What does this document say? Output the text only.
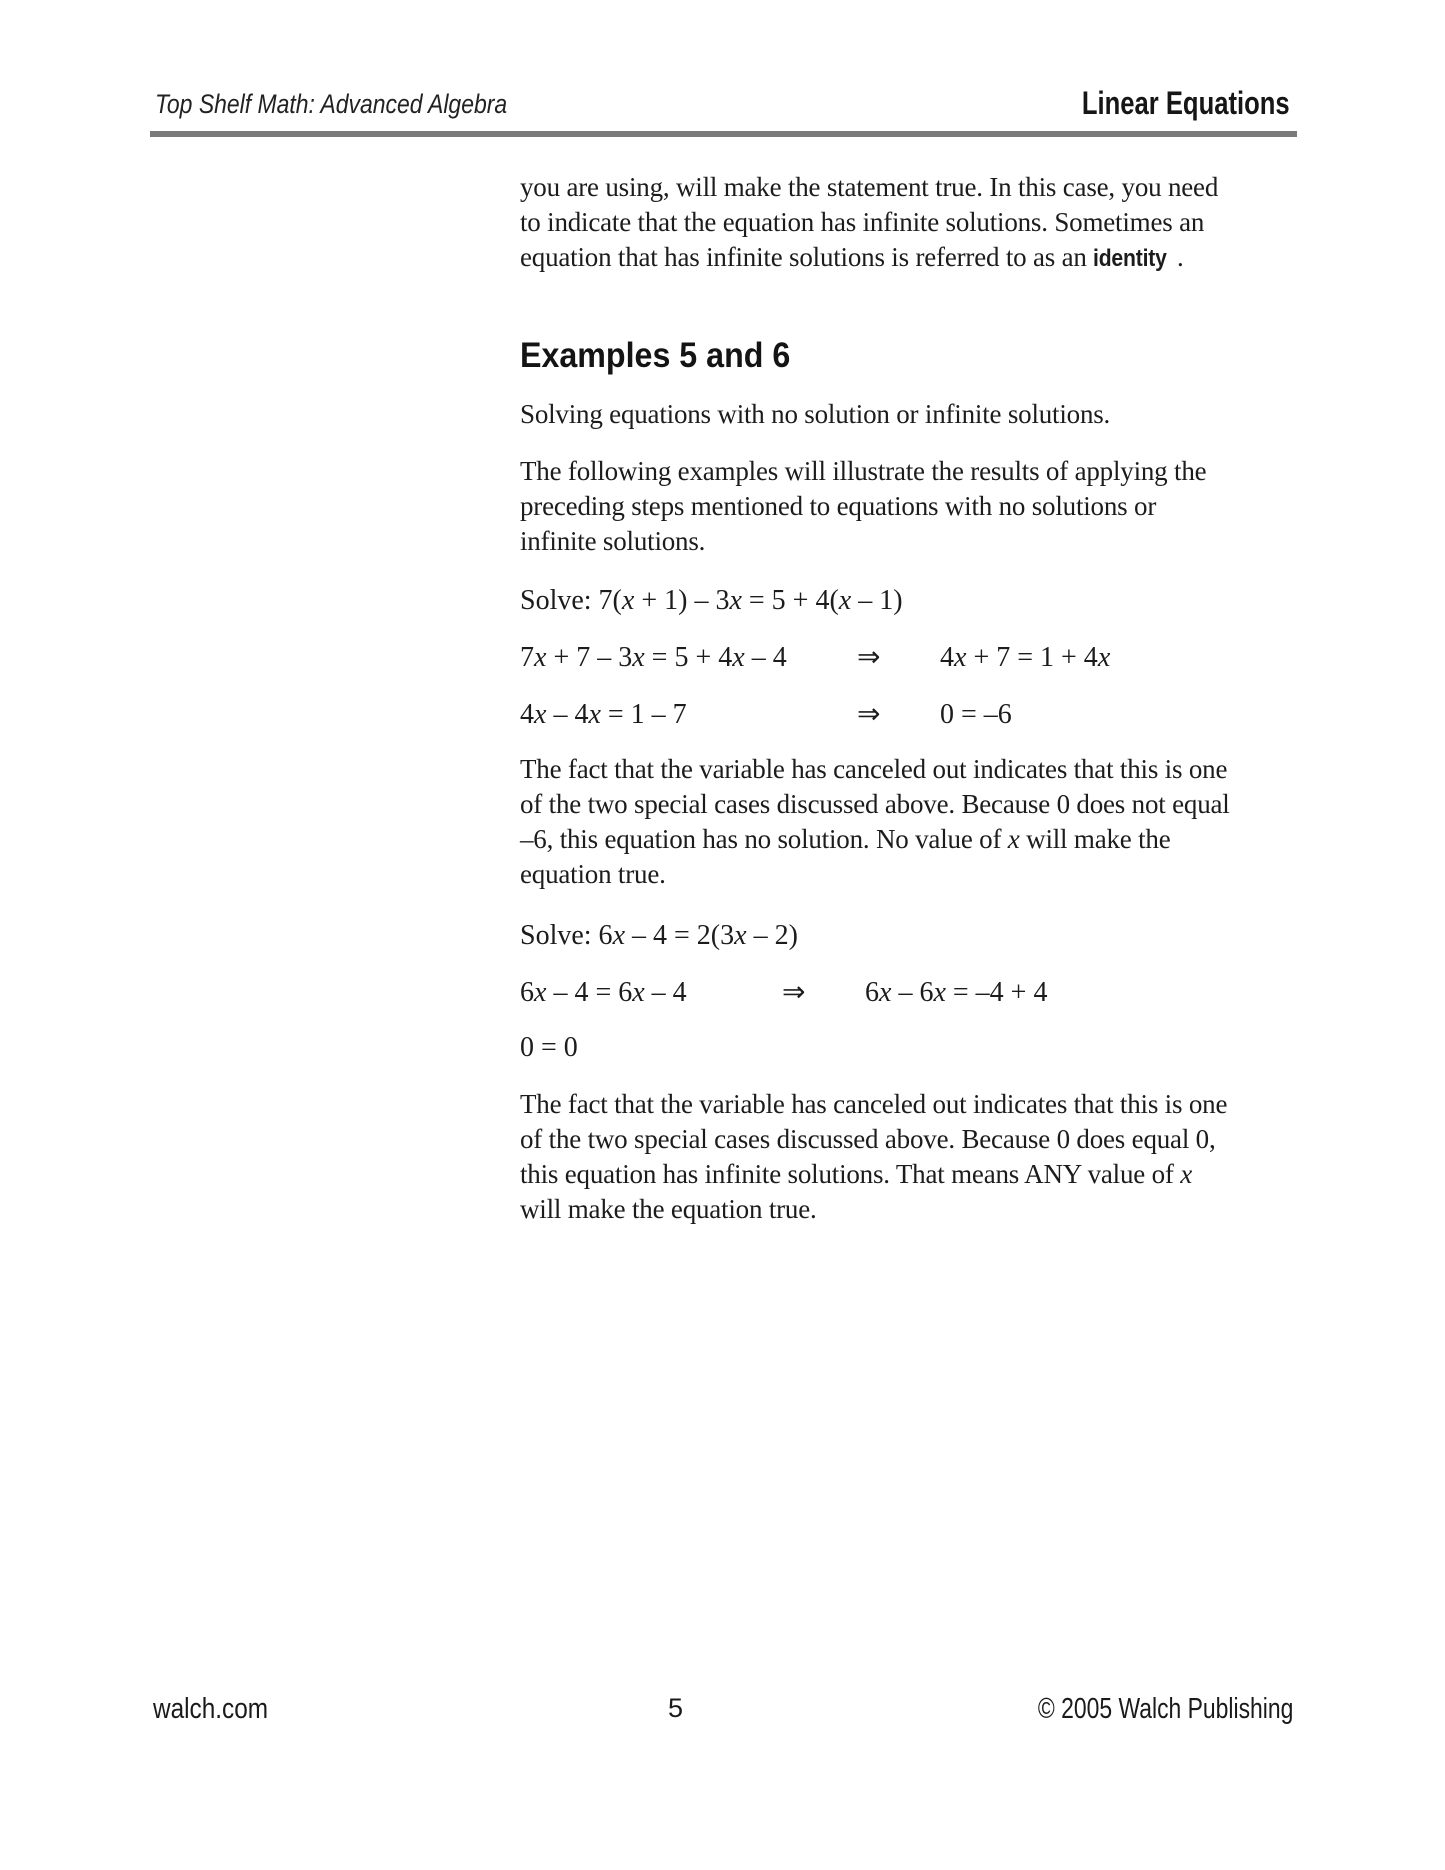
Top Shelf Math: Advanced Algebra	Linear Equations
you are using, will make the statement true. In this case, you need
to indicate that the equation has infinite solutions. Sometimes an
equation that has infinite solutions is referred to as an identity .
Examples 5 and 6
Solving equations with no solution or infinite solutions.
The following examples will illustrate the results of applying the
preceding steps mentioned to equations with no solutions or
infinite solutions.
Solve: 7(x + 1) – 3x = 5 + 4(x – 1)
7x + 7 – 3x = 5 + 4x – 4	⇒	4x + 7 = 1 + 4x
4x – 4x = 1 – 7	⇒	0 = –6
The fact that the variable has canceled out indicates that this is one
of the two special cases discussed above. Because 0 does not equal
–6, this equation has no solution. No value of x will make the
equation true.
Solve: 6x – 4 = 2(3x – 2)
6x – 4 = 6x – 4	⇒	6x – 6x = –4 + 4
0 = 0
The fact that the variable has canceled out indicates that this is one
of the two special cases discussed above. Because 0 does equal 0,
this equation has infinite solutions. That means ANY value of x
will make the equation true.
walch.com	5	© 2005 Walch Publishing
